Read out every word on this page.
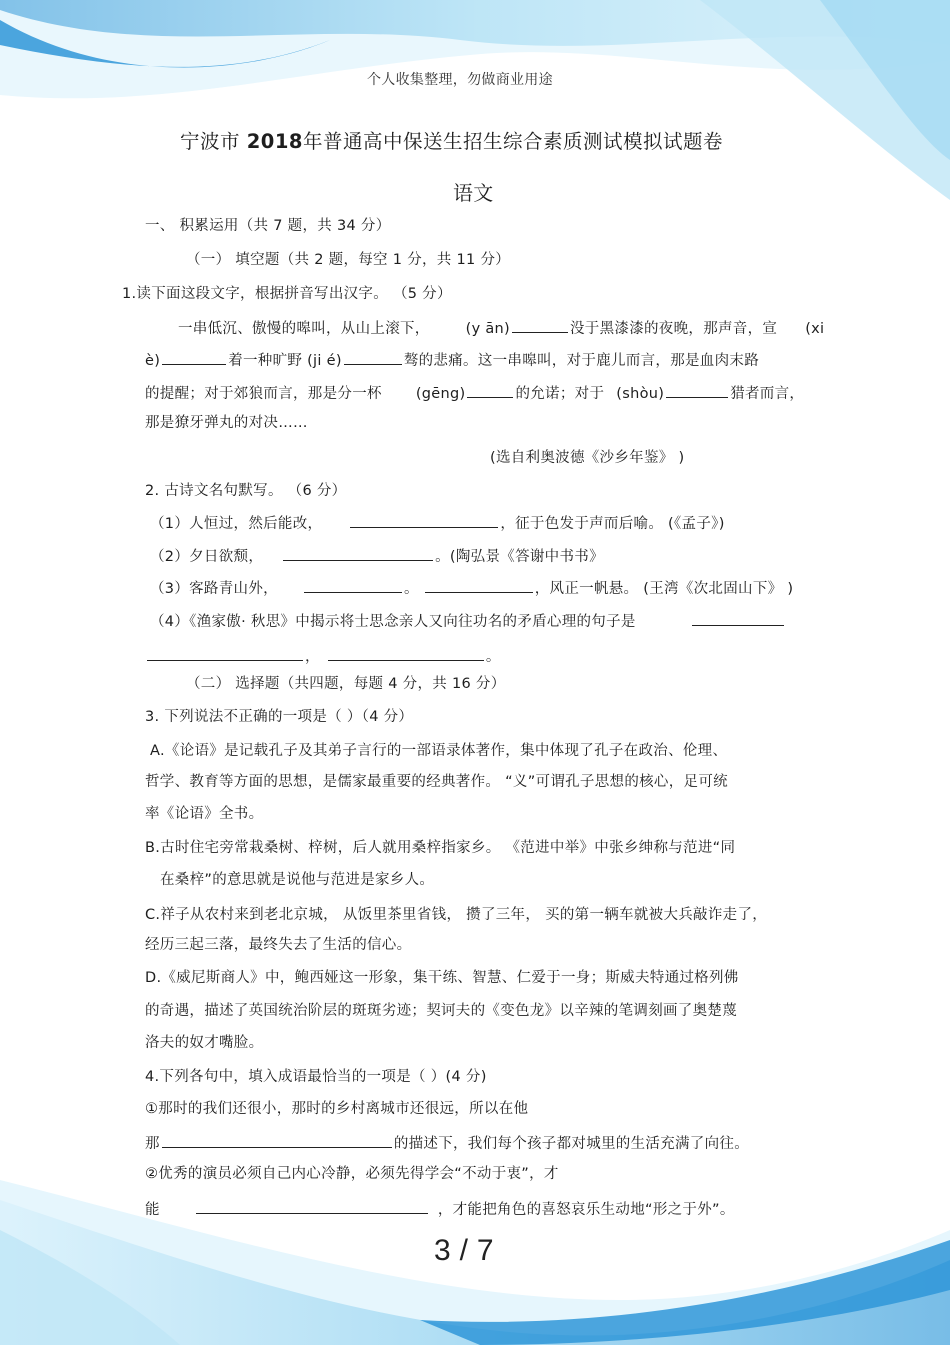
个人收集整理，勿做商业用途
宁波市 2018年普通高中保送生招生综合素质测试模拟试题卷
语文
一、 积累运用（共 7 题，共 34 分）
（一） 填空题（共 2 题，每空 1 分，共 11 分）
1.读下面这段文字，根据拼音写出汉字。 （5 分）
一串低沉、傲慢的嗥叫，从山上滚下， (y ān)	没于黑漆漆的夜晚，那声音，宣 (xi
è)	着一种旷野 (ji é)	骜的悲痛。这一串嗥叫，对于鹿儿而言，那是血肉末路
的提醒；对于郊狼而言，那是分一杯 (gēng)	的允诺；对于 (shòu)	猎者而言，
那是獠牙弹丸的对决……
(选自利奥波德《沙乡年鉴》 )
2. 古诗文名句默写。 （6 分）
（1）人恒过，然后能改，	，征于色发于声而后喻。 (《孟子》)
（2）夕日欲颓，	。(陶弘景《答谢中书书》
（3）客路青山外，	。	，风正一帆悬。 (王湾《次北固山下》 )
（4）《渔家傲· 秋思》中揭示将士思念亲人又向往功名的矛盾心理的句子是
，	。
（二） 选择题（共四题，每题 4 分，共 16 分）
3. 下列说法不正确的一项是（ ）（4 分）
A.《论语》是记载孔子及其弟子言行的一部语录体著作，集中体现了孔子在政治、伦理、
哲学、教育等方面的思想，是儒家最重要的经典著作。 “义”可谓孔子思想的核心，足可统
率《论语》全书。
B.古时住宅旁常栽桑树、梓树，后人就用桑梓指家乡。 《范进中举》中张乡绅称与范进“同
在桑梓”的意思就是说他与范进是家乡人。
C.祥子从农村来到老北京城， 从饭里茶里省钱， 攒了三年， 买的第一辆车就被大兵敲诈走了，
经历三起三落，最终失去了生活的信心。
D.《威尼斯商人》中，鲍西娅这一形象，集干练、智慧、仁爱于一身；斯威夫特通过格列佛
的奇遇，描述了英国统治阶层的斑斑劣迹；契诃夫的《变色龙》以辛辣的笔调刻画了奥楚蔑
洛夫的奴才嘴脸。
4.下列各句中，填入成语最恰当的一项是（ ）(4 分)
①那时的我们还很小，那时的乡村离城市还很远，所以在他
那	的描述下，我们每个孩子都对城里的生活充满了向往。
②优秀的演员必须自己内心冷静，必须先得学会“不动于衷”，才
能	，才能把角色的喜怒哀乐生动地“形之于外”。
3 / 7
